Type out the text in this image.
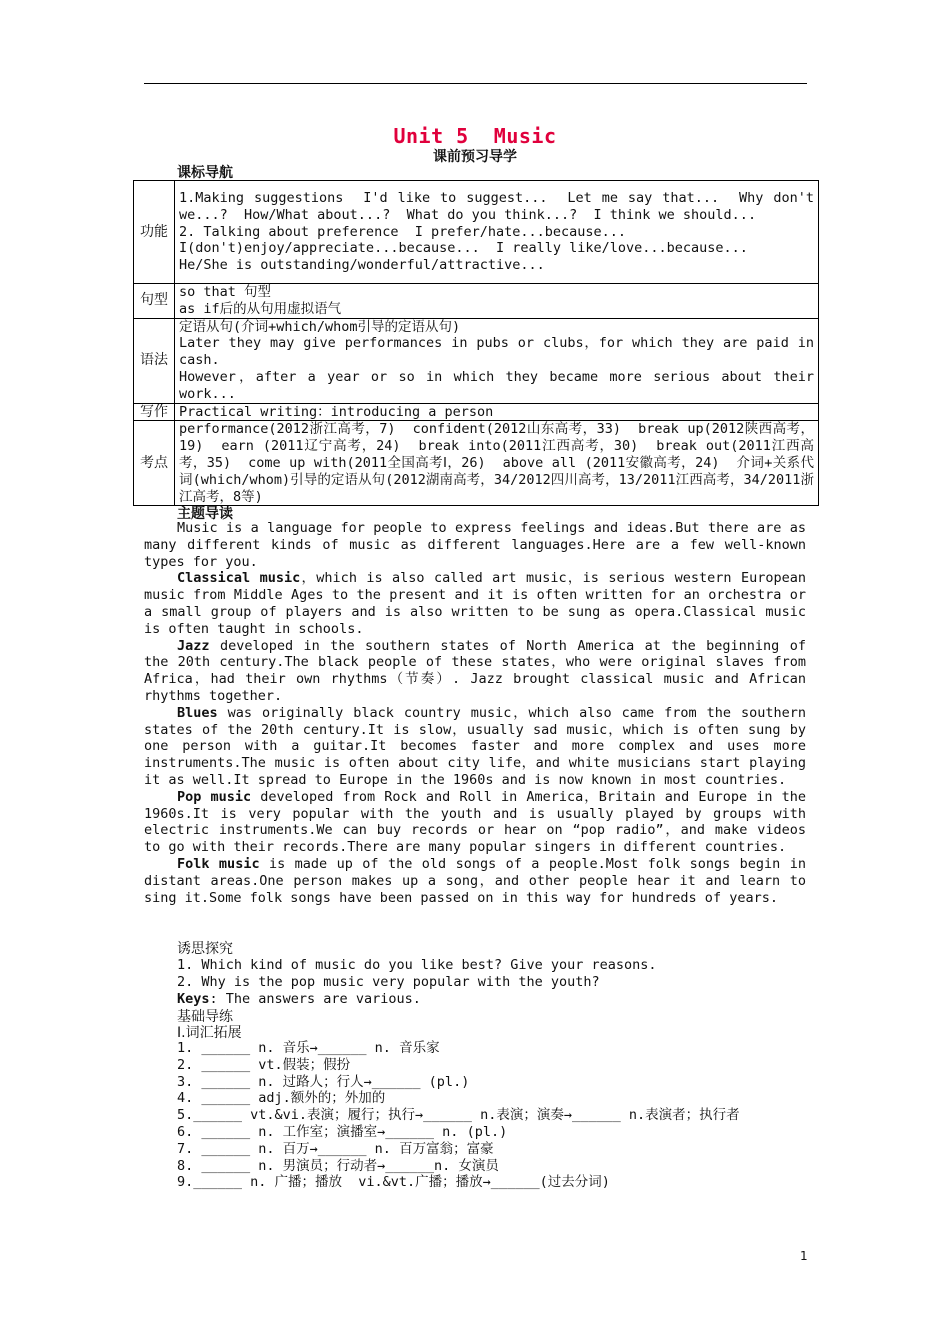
Unit 5  Music
课前预习导学
课标导航
功能	1.Making suggestions  I'd like to suggest...  Let me say that...  Why don't we...?  How/What about...?  What do you think...?  I think we should...
2. Talking about preference  I prefer/hate...because...
I(don't)enjoy/appreciate...because...  I really like/love...because...
He/She is outstanding/wonderful/attractive...

句型	so that 句型
as if后的从句用虚拟语气

语法	定语从句(介词+which/whom引导的定语从句)
Later they may give performances in pubs or clubs，for which they are paid in cash.
However，after a year or so in which they became more serious about their work...

写作	Practical writing：introducing a person

考点	performance(2012浙江高考，7)  confident(2012山东高考，33)  break up(2012陕西高考，19)  earn (2011辽宁高考，24)  break into(2011江西高考，30)  break out(2011江西高考，35)  come up with(2011全国高考Ⅰ，26)  above all (2011安徽高考，24)  介词+关系代词(which/whom)引导的定语从句(2012湖南高考，34/2012四川高考，13/2011江西高考，34/2011浙江高考，8等)
主题导读

Music is a language for people to express feelings and ideas.But there are as many different kinds of music as different languages.Here are a few well-known types for you.

Classical music，which is also called art music，is serious western European music from Middle Ages to the present and it is often written for an orchestra or a small group of players and is also written to be sung as opera.Classical music is often taught in schools.

Jazz developed in the southern states of North America at the beginning of the 20th century.The black people of these states，who were original slaves from Africa，had their own rhythms（节奏）. Jazz brought classical music and African rhythms together.

Blues was originally black country music，which also came from the southern states of the 20th century.It is slow，usually sad music，which is often sung by one person with a guitar.It becomes faster and more complex and uses more instruments.The music is often about city life，and white musicians start playing it as well.It spread to Europe in the 1960s and is now known in most countries.

Pop music developed from Rock and Roll in America，Britain and Europe in the 1960s.It is very popular with the youth and is usually played by groups with electric instruments.We can buy records or hear on “pop radio”，and make videos to go with their records.There are many popular singers in different countries.

Folk music is made up of the old songs of a people.Most folk songs begin in distant areas.One person makes up a song，and other people hear it and learn to sing it.Some folk songs have been passed on in this way for hundreds of years.

诱思探究
1. Which kind of music do you like best? Give your reasons.
2. Why is the pop music very popular with the youth?
Keys: The answers are various.
基础导练
Ⅰ.词汇拓展
1. ______ n. 音乐→______ n. 音乐家
2. ______ vt.假装；假扮
3. ______ n. 过路人；行人→______ (pl.)
4. ______ adj.额外的；外加的
5.______ vt.&vi.表演；履行；执行→______ n.表演；演奏→______ n.表演者；执行者
6. ______ n. 工作室；演播室→______ n. (pl.)
7. ______ n. 百万→______ n. 百万富翁；富豪
8. ______ n. 男演员；行动者→______n. 女演员
9.______ n. 广播；播放  vi.&vt.广播；播放→______(过去分词)
1
